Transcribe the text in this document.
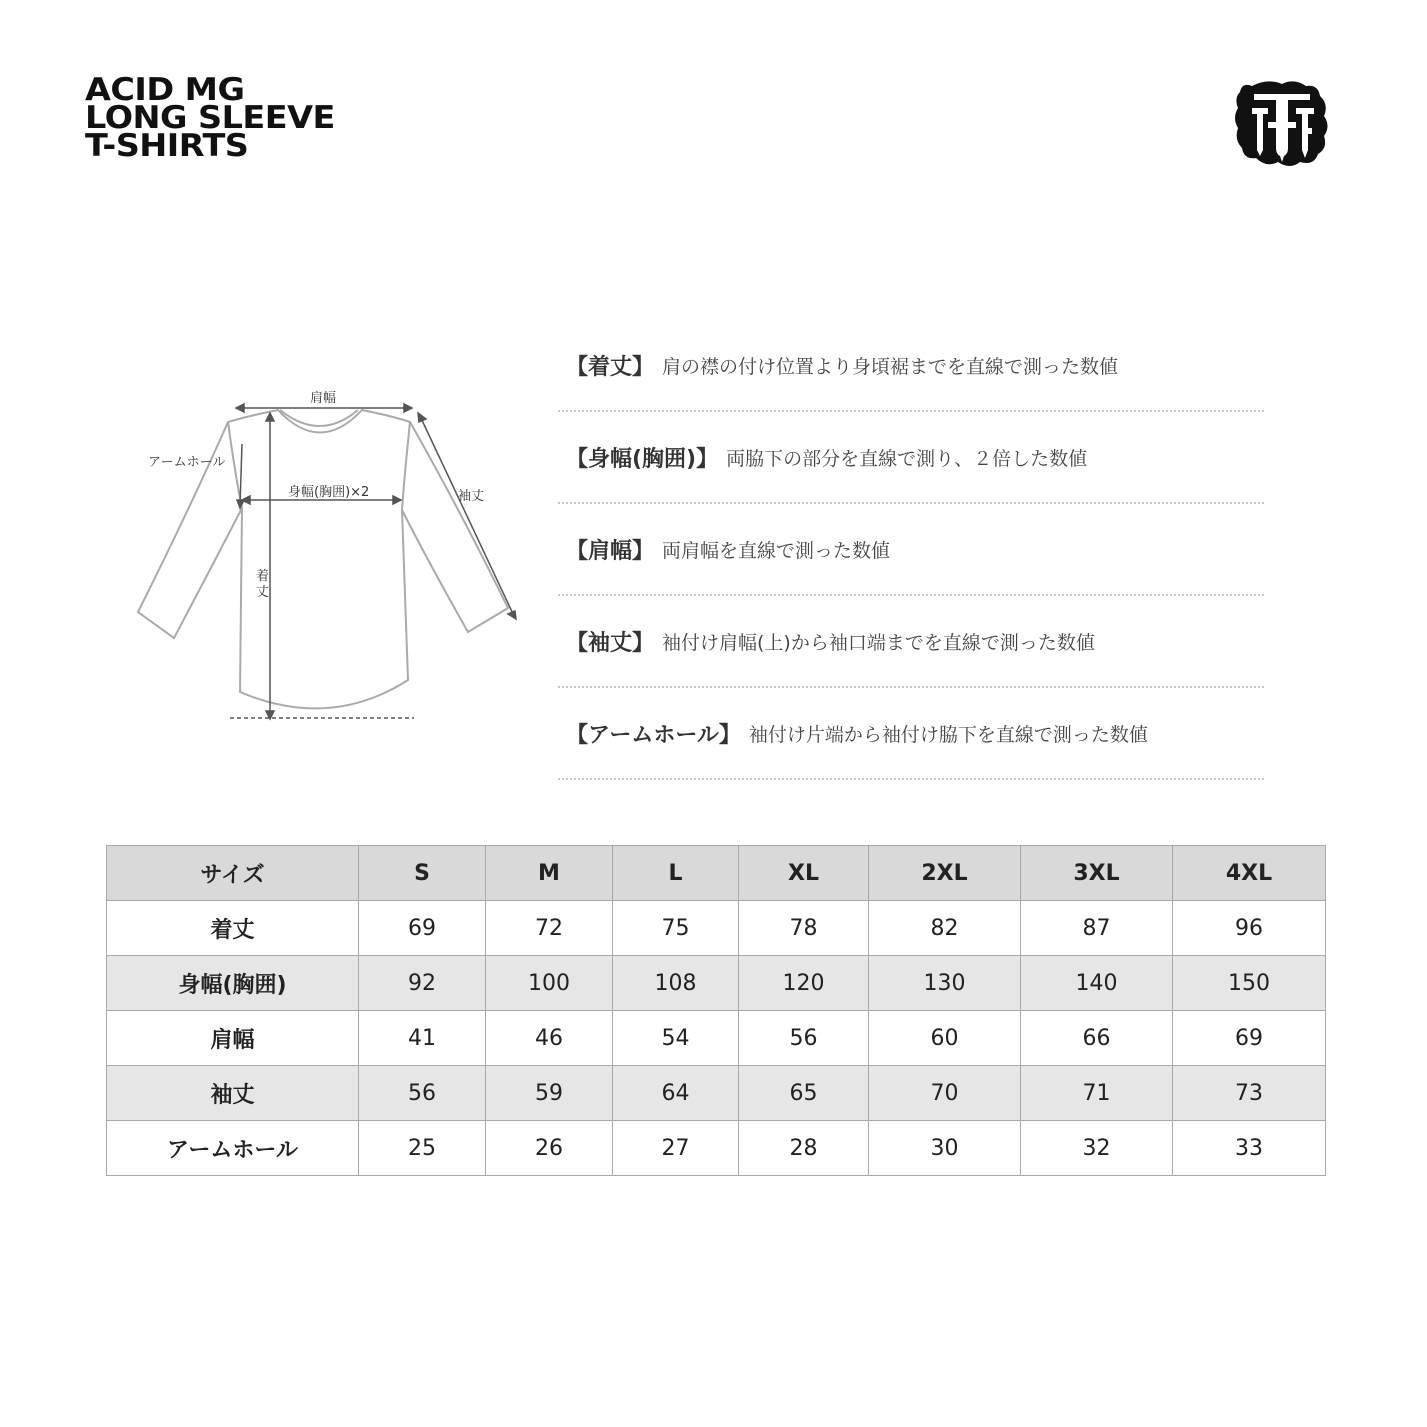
ACID MG
LONG SLEEVE
T-SHIRTS
肩幅
アームホール
身幅(胸囲)×2	袖丈
着
丈
【着丈】 肩の襟の付け位置より身頃裾までを直線で測った数値
【身幅(胸囲)】 両脇下の部分を直線で測り、２倍した数値
【肩幅】 両肩幅を直線で測った数値
【袖丈】 袖付け肩幅(上)から袖口端までを直線で測った数値
【アームホール】 袖付け片端から袖付け脇下を直線で測った数値
サイズ	S	M	L	XL	2XL	3XL	4XL
着丈	69	72	75	78	82	87	96
身幅(胸囲)	92	100	108	120	130	140	150
肩幅	41	46	54	56	60	66	69
袖丈	56	59	64	65	70	71	73
アームホール	25	26	27	28	30	32	33
